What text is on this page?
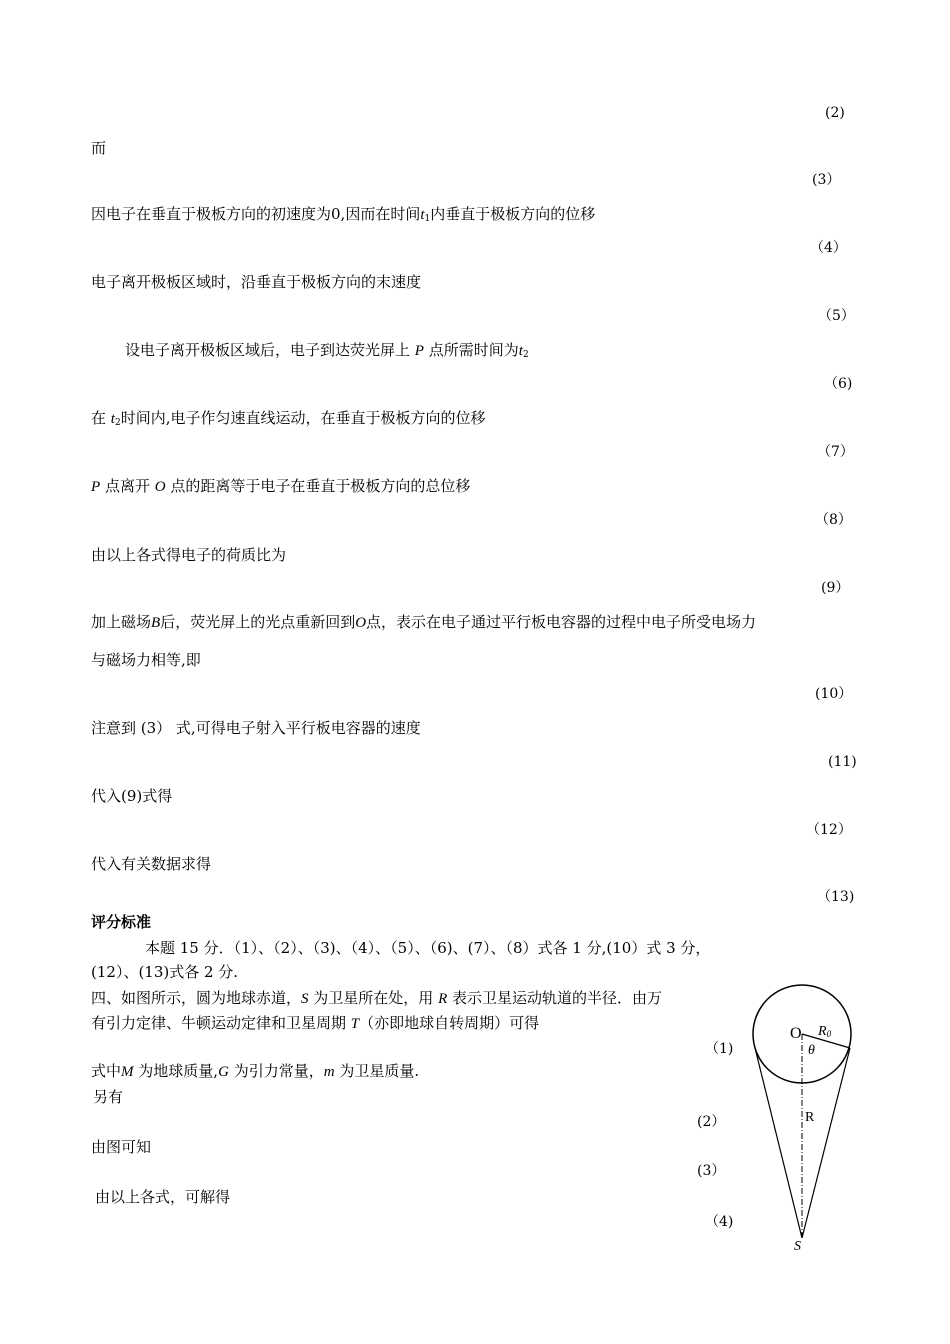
(2)
而
(3）
因电子在垂直于极板方向的初速度为0,因而在时间$t_1$内垂直于极板方向的位移
（4）
电子离开极板区域时，沿垂直于极板方向的末速度
（5）
设电子离开极板区域后，电子到达荧光屏上 P 点所需时间为$t_2$
（6)
在 $t_2$时间内,电子作匀速直线运动，在垂直于极板方向的位移
（7）
P 点离开 O 点的距离等于电子在垂直于极板方向的总位移
（8）
由以上各式得电子的荷质比为
(9）
加上磁场B后，荧光屏上的光点重新回到O点，表示在电子通过平行板电容器的过程中电子所受电场力
与磁场力相等,即
(10）
注意到 (3） 式,可得电子射入平行板电容器的速度
(11)
代入(9)式得
（12）
代入有关数据求得
（13)
评分标准
本题 15 分．（1）、（2）、（3)、（4）、（5）、（6)、(7）、（8）式各 1 分,(10）式 3 分，
(12）、(13)式各 2 分.
四、如图所示，圆为地球赤道，S 为卫星所在处，用 R 表示卫星运动轨道的半径．由万
有引力定律、牛顿运动定律和卫星周期 T（亦即地球自转周期）可得
（1)
式中M 为地球质量,G 为引力常量，m 为卫星质量.
另有
(2）
由图可知
(3）
由以上各式，可解得
（4)
O R0
θ
R
S
